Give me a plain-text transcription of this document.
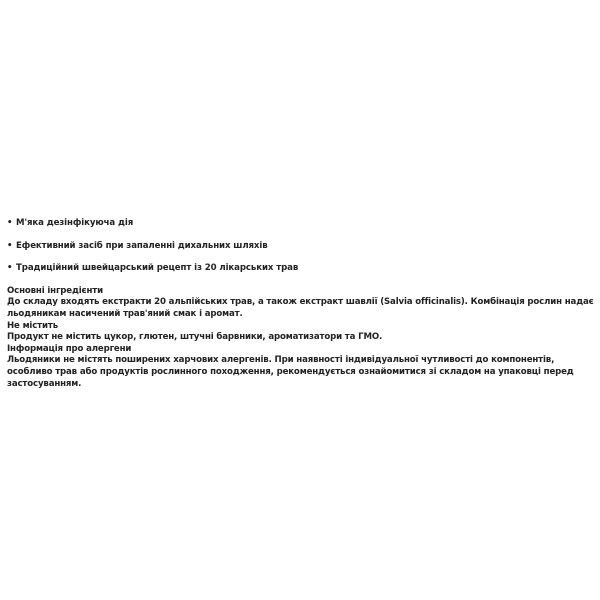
• М'яка дезінфікуюча дія
• Ефективний засіб при запаленні дихальних шляхів
• Традиційний швейцарський рецепт із 20 лікарських трав
Основні інгредієнти
До складу входять екстракти 20 альпійських трав, а також екстракт шавлії (Salvia officinalis). Комбінація рослин надає льодяникам насичений трав'яний смак і аромат.
Не містить
Продукт не містить цукор, глютен, штучні барвники, ароматизатори та ГМО.
Інформація про алергени
Льодяники не містять поширених харчових алергенів. При наявності індивідуальної чутливості до компонентів, особливо трав або продуктів рослинного походження, рекомендується ознайомитися зі складом на упаковці перед застосуванням.
